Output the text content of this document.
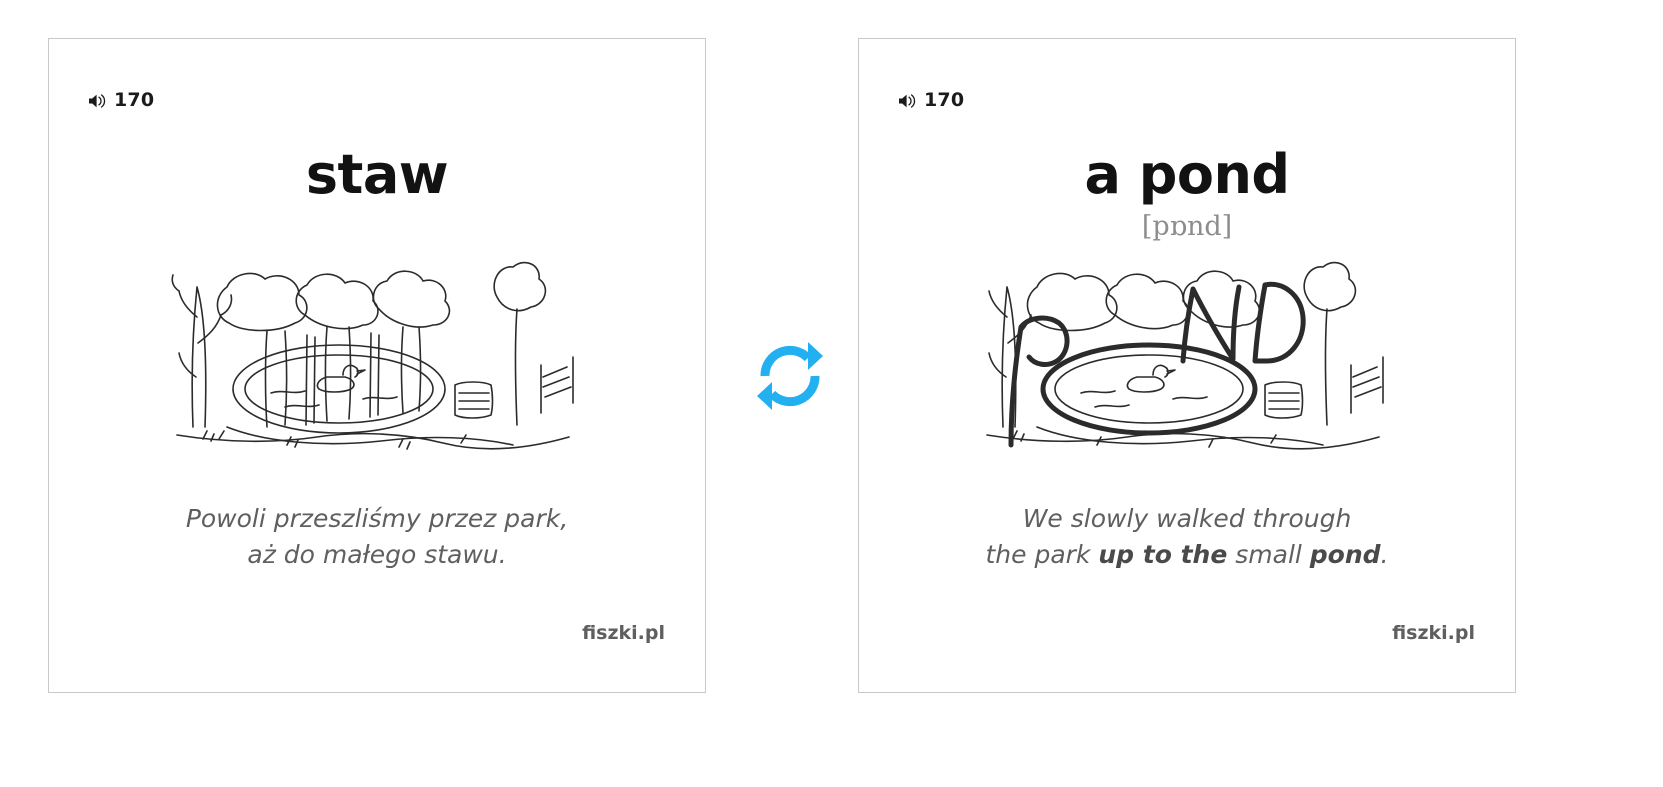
170
staw
Powoli przeszliśmy przez park,
aż do małego stawu.
fiszki.pl
170
a pond
[pɒnd]
We slowly walked through
the park up to the small pond.
fiszki.pl
